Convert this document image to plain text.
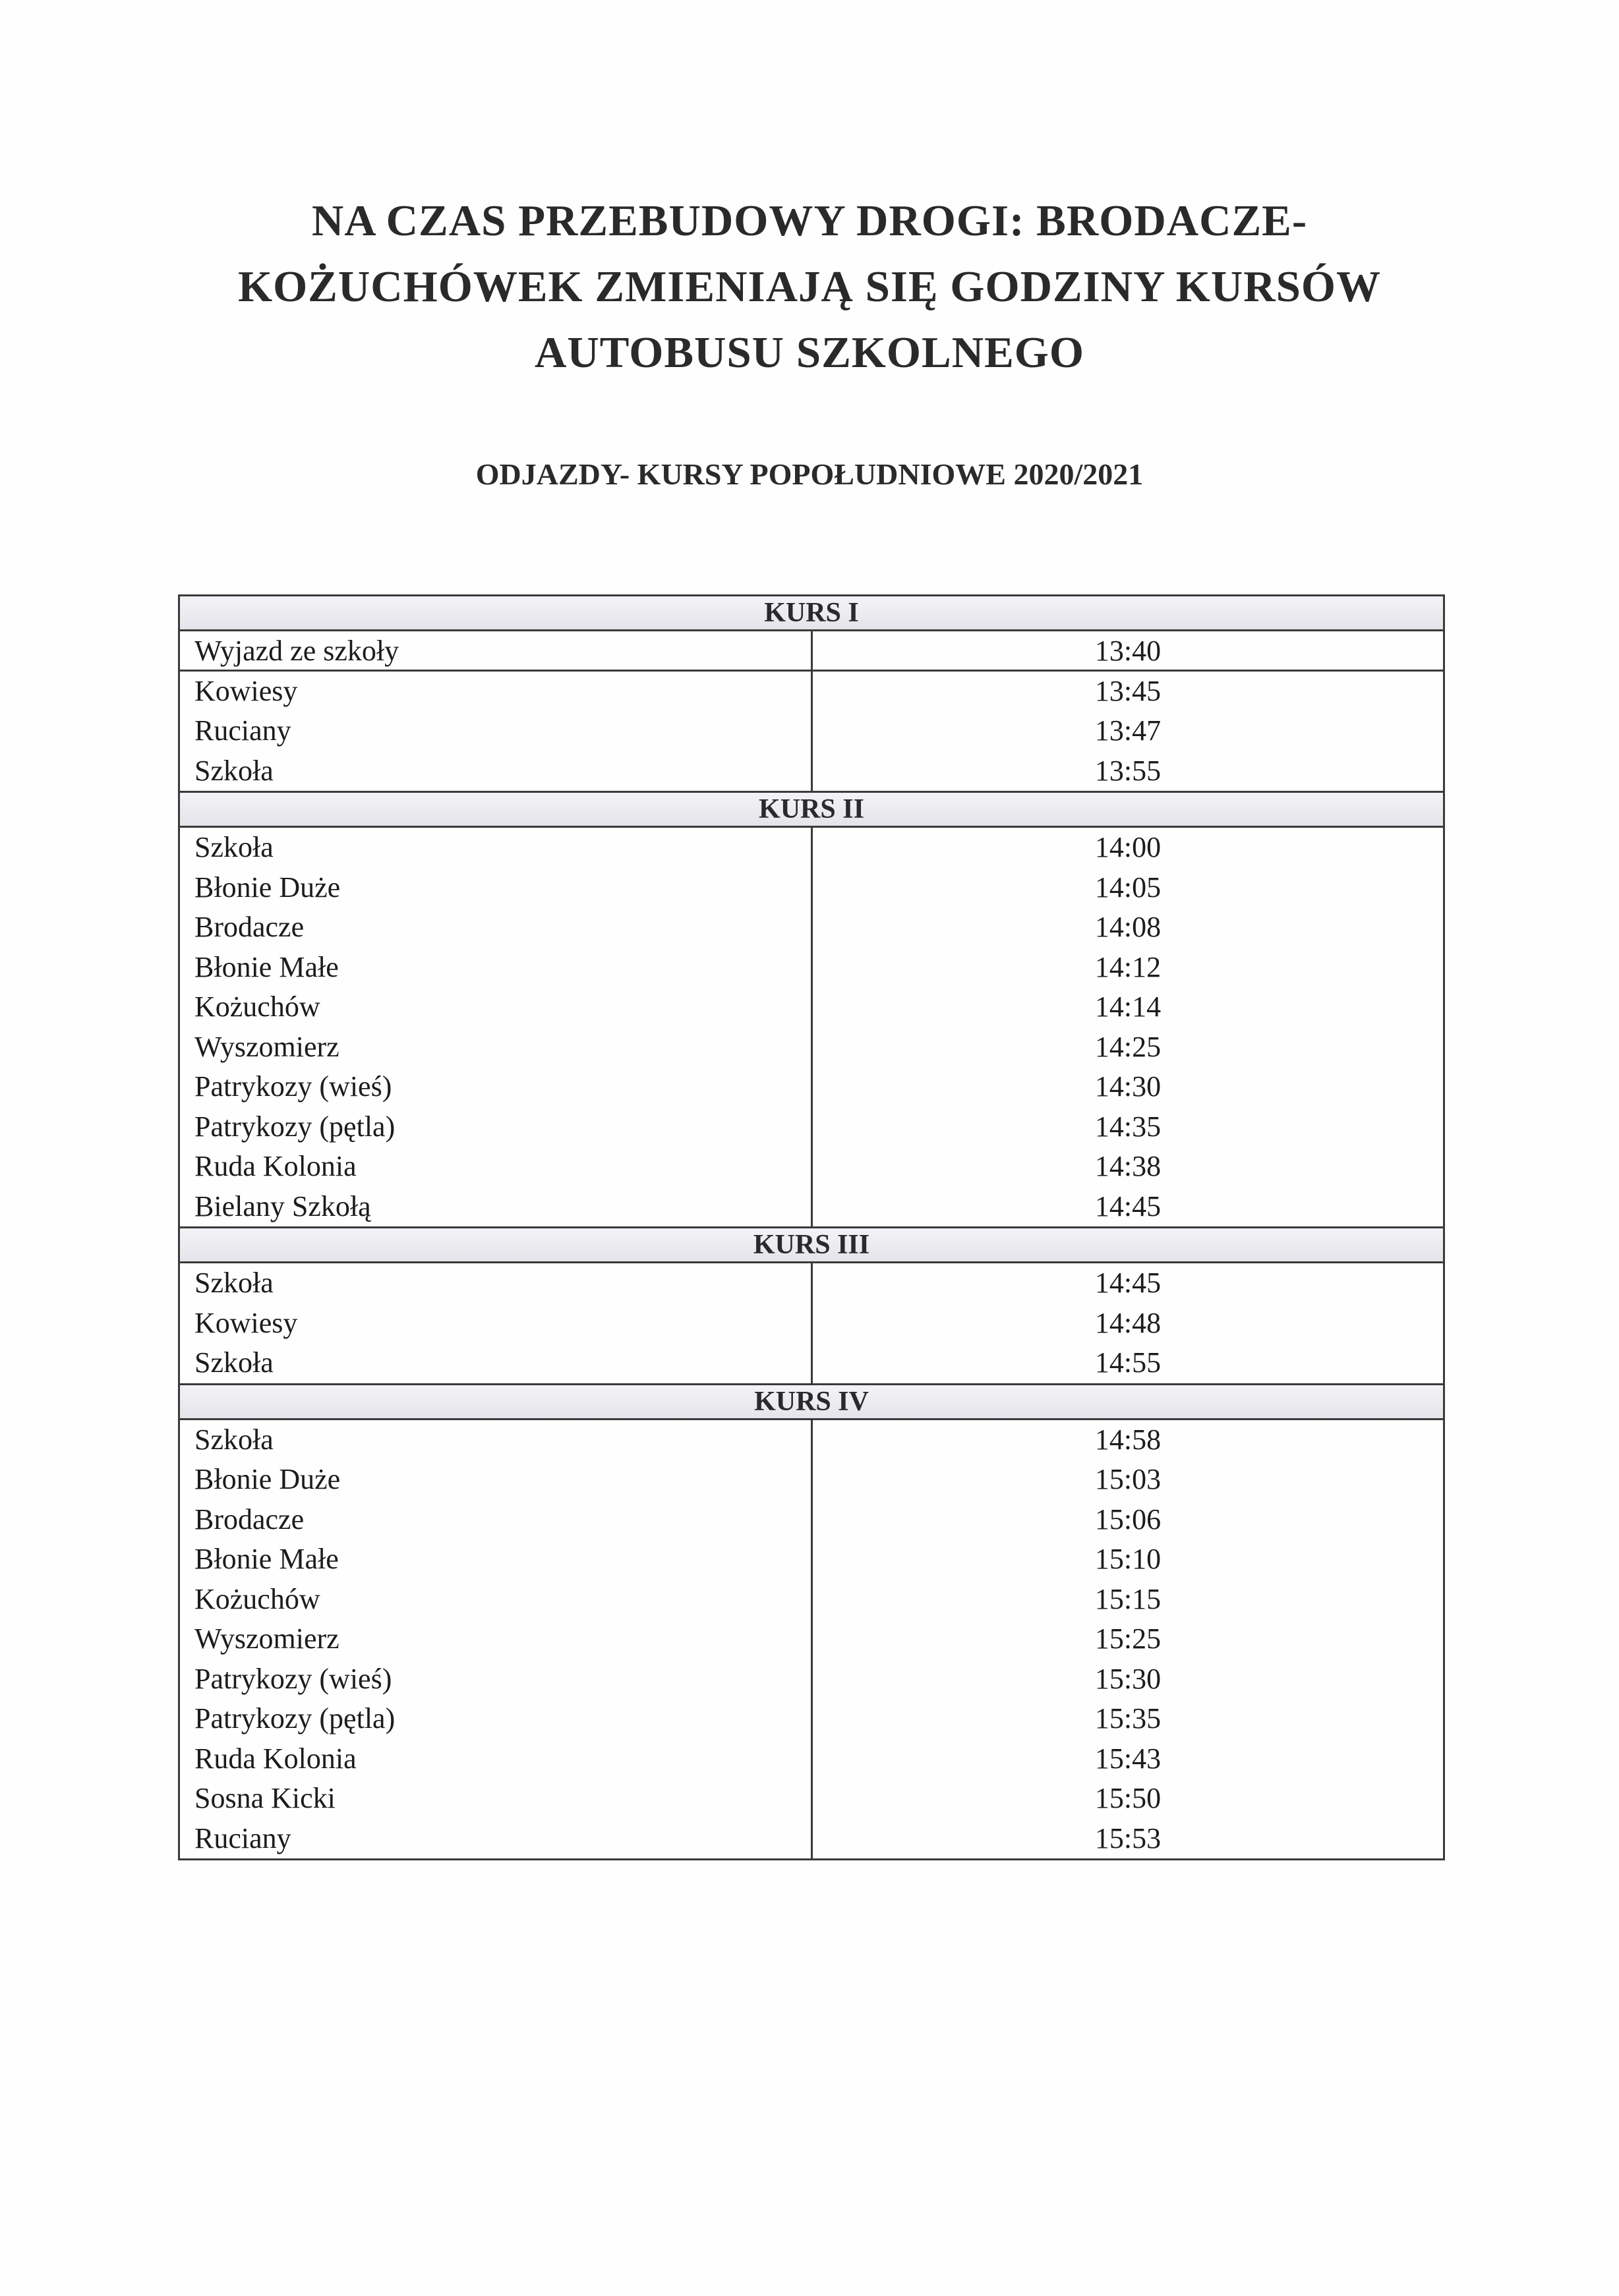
NA CZAS PRZEBUDOWY DROGI: BRODACZE-
KOŻUCHÓWEK ZMIENIAJĄ SIĘ GODZINY KURSÓW
AUTOBUSU SZKOLNEGO
ODJAZDY- KURSY POPOŁUDNIOWE 2020/2021
KURS I
Wyjazd ze szkoły
Kowiesy
Ruciany
Szkoła
13:40
13:45
13:47
13:55
KURS II
Szkoła
Błonie Duże
Brodacze
Błonie Małe
Kożuchów
Wyszomierz
Patrykozy (wieś)
Patrykozy (pętla)
Ruda Kolonia
Bielany Szkołą
14:00
14:05
14:08
14:12
14:14
14:25
14:30
14:35
14:38
14:45
KURS III
Szkoła
Kowiesy
Szkoła
14:45
14:48
14:55
KURS IV
Szkoła
Błonie Duże
Brodacze
Błonie Małe
Kożuchów
Wyszomierz
Patrykozy (wieś)
Patrykozy (pętla)
Ruda Kolonia
Sosna Kicki
Ruciany
14:58
15:03
15:06
15:10
15:15
15:25
15:30
15:35
15:43
15:50
15:53
